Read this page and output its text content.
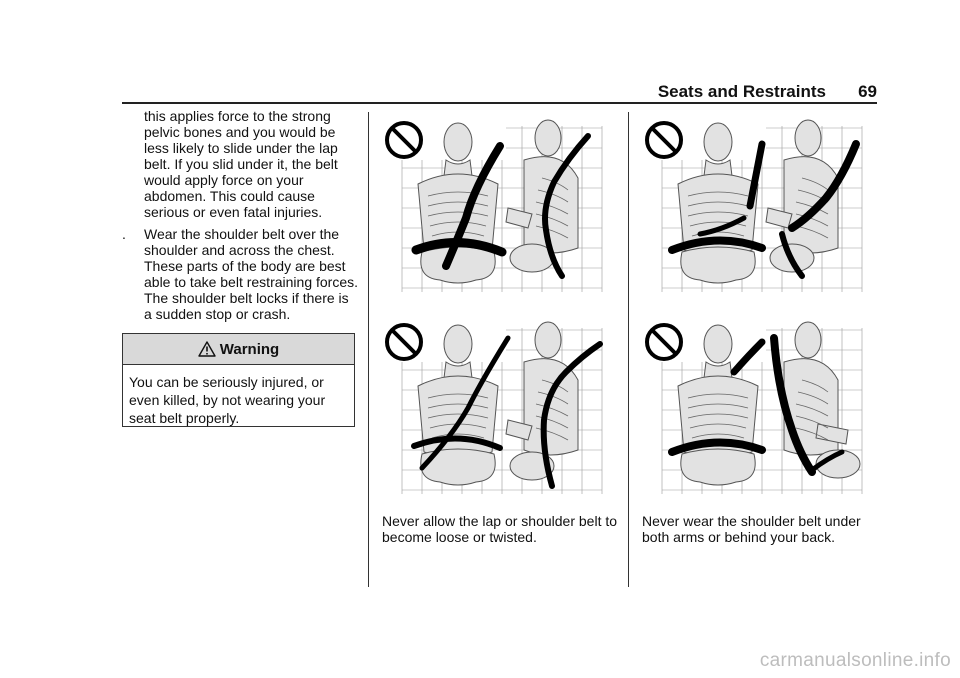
Seats and Restraints 69

this applies force to the strong pelvic bones and you would be less likely to slide under the lap belt. If you slid under it, the belt would apply force on your abdomen. This could cause serious or even fatal injuries.

.	Wear the shoulder belt over the shoulder and across the chest. These parts of the body are best able to take belt restraining forces. The shoulder belt locks if there is a sudden stop or crash.
Warning
You can be seriously injured, or even killed, by not wearing your seat belt properly.
Never allow the lap or shoulder belt to become loose or twisted.
Never wear the shoulder belt under both arms or behind your back.
carmanualsonline.info
